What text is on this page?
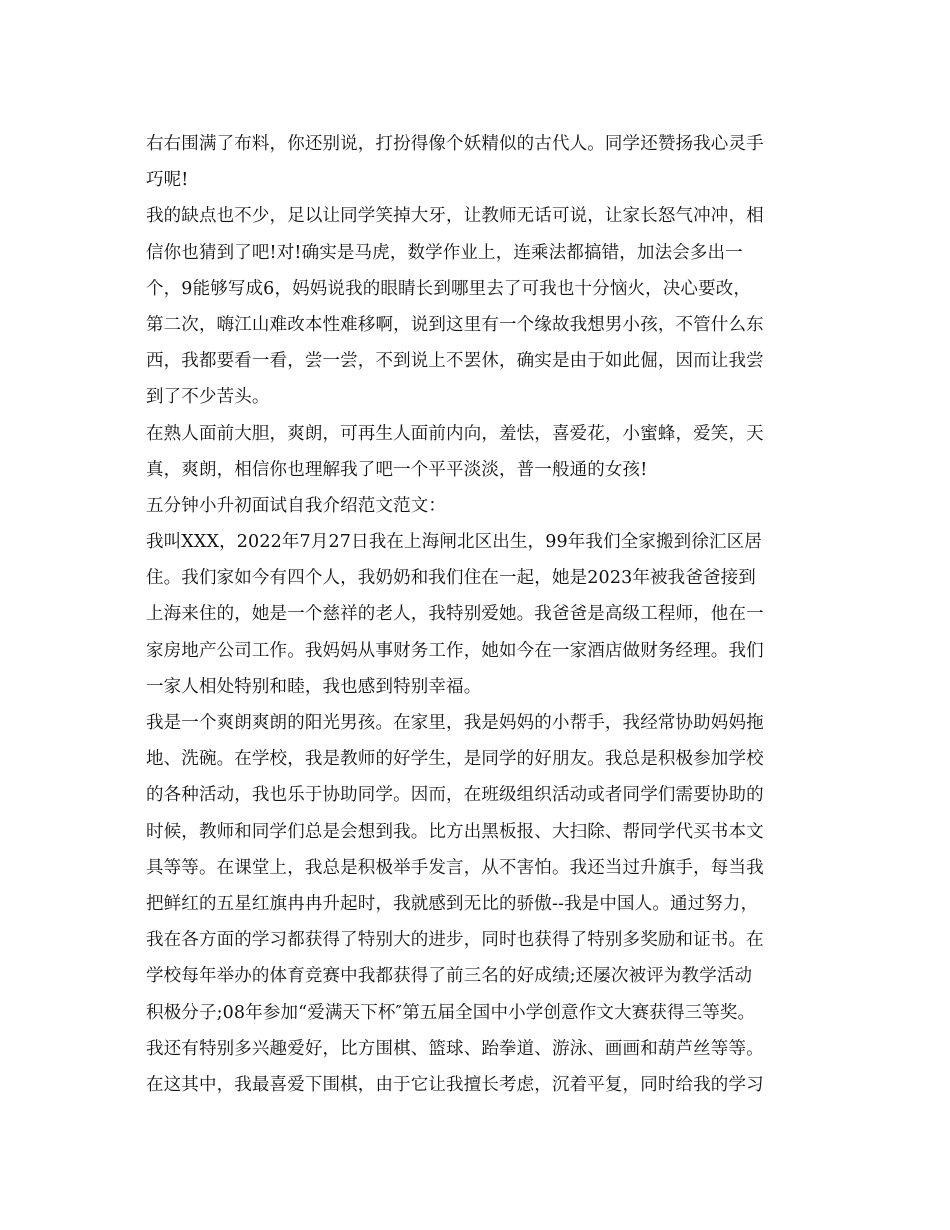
右右围满了布料，你还别说，打扮得像个妖精似的古代人。同学还赞扬我心灵手
巧呢!
我的缺点也不少，足以让同学笑掉大牙，让教师无话可说，让家长怒气冲冲，相
信你也猜到了吧!对!确实是马虎，数学作业上，连乘法都搞错，加法会多出一
个，9能够写成6，妈妈说我的眼睛长到哪里去了可我也十分恼火，决心要改，
第二次，嗨江山难改本性难移啊，说到这里有一个缘故我想男小孩，不管什么东
西，我都要看一看，尝一尝，不到说上不罢休，确实是由于如此倔，因而让我尝
到了不少苦头。
在熟人面前大胆，爽朗，可再生人面前内向，羞怯，喜爱花，小蜜蜂，爱笑，天
真，爽朗，相信你也理解我了吧一个平平淡淡，普一般通的女孩!
五分钟小升初面试自我介绍范文范文：
我叫XXX，2022年7月27日我在上海闸北区出生，99年我们全家搬到徐汇区居
住。我们家如今有四个人，我奶奶和我们住在一起，她是2023年被我爸爸接到
上海来住的，她是一个慈祥的老人，我特别爱她。我爸爸是高级工程师，他在一
家房地产公司工作。我妈妈从事财务工作，她如今在一家酒店做财务经理。我们
一家人相处特别和睦，我也感到特别幸福。
我是一个爽朗爽朗的阳光男孩。在家里，我是妈妈的小帮手，我经常协助妈妈拖
地、洗碗。在学校，我是教师的好学生，是同学的好朋友。我总是积极参加学校
的各种活动，我也乐于协助同学。因而，在班级组织活动或者同学们需要协助的
时候，教师和同学们总是会想到我。比方出黑板报、大扫除、帮同学代买书本文
具等等。在课堂上，我总是积极举手发言，从不害怕。我还当过升旗手，每当我
把鲜红的五星红旗冉冉升起时，我就感到无比的骄傲--我是中国人。通过努力，
我在各方面的学习都获得了特别大的进步，同时也获得了特别多奖励和证书。在
学校每年举办的体育竞赛中我都获得了前三名的好成绩;还屡次被评为教学活动
积极分子;08年参加“爱满天下杯″第五届全国中小学创意作文大赛获得三等奖。
我还有特别多兴趣爱好，比方围棋、篮球、跆拳道、游泳、画画和葫芦丝等等。
在这其中，我最喜爱下围棋，由于它让我擅长考虑，沉着平复，同时给我的学习
